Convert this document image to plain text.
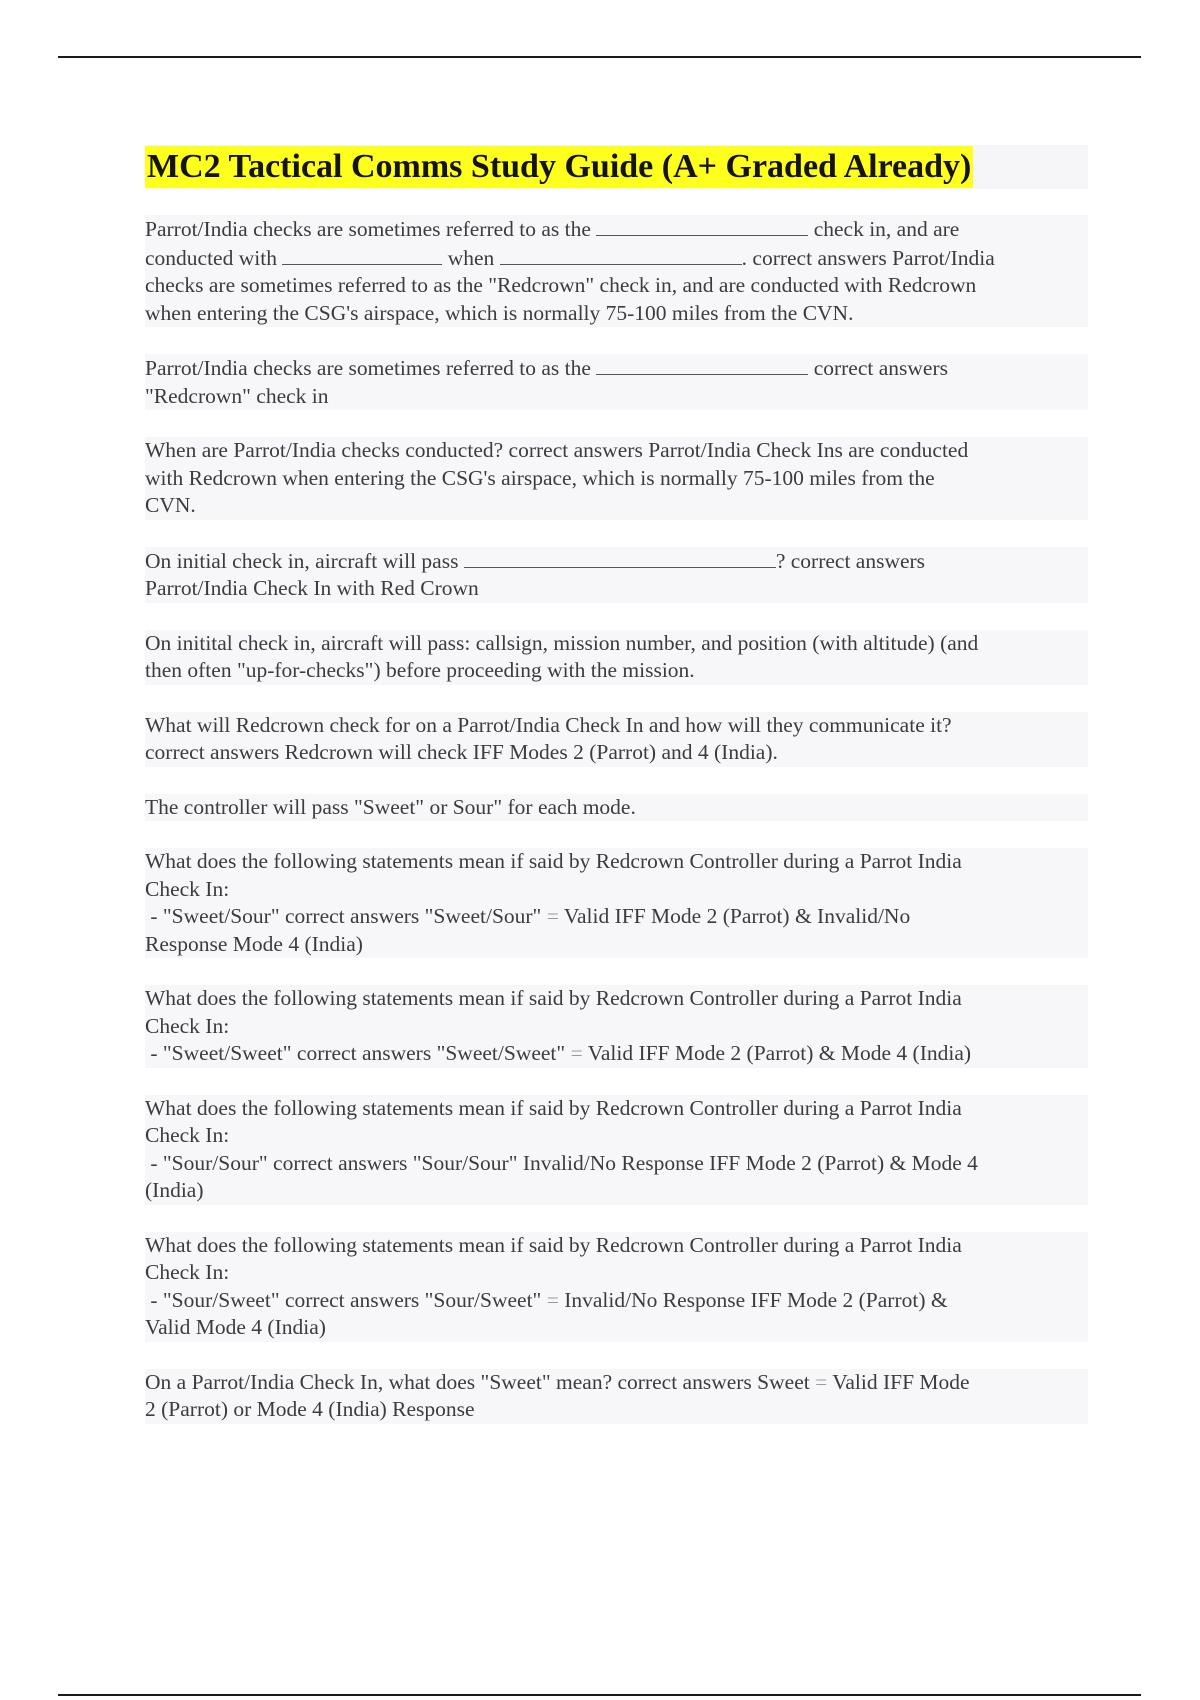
MC2 Tactical Comms Study Guide (A+ Graded Already)
Parrot/India checks are sometimes referred to as the	check in, and are
conducted with	when	. correct answers Parrot/India
checks are sometimes referred to as the "Redcrown" check in, and are conducted with Redcrown
when entering the CSG's airspace, which is normally 75-100 miles from the CVN.
Parrot/India checks are sometimes referred to as the	correct answers
"Redcrown" check in
When are Parrot/India checks conducted? correct answers Parrot/India Check Ins are conducted
with Redcrown when entering the CSG's airspace, which is normally 75-100 miles from the
CVN.
On initial check in, aircraft will pass	? correct answers
Parrot/India Check In with Red Crown
On initital check in, aircraft will pass: callsign, mission number, and position (with altitude) (and
then often "up-for-checks") before proceeding with the mission.
What will Redcrown check for on a Parrot/India Check In and how will they communicate it?
correct answers Redcrown will check IFF Modes 2 (Parrot) and 4 (India).
The controller will pass "Sweet" or Sour" for each mode.
What does the following statements mean if said by Redcrown Controller during a Parrot India
Check In:
- "Sweet/Sour" correct answers "Sweet/Sour" = Valid IFF Mode 2 (Parrot) & Invalid/No
Response Mode 4 (India)
What does the following statements mean if said by Redcrown Controller during a Parrot India
Check In:
- "Sweet/Sweet" correct answers "Sweet/Sweet" = Valid IFF Mode 2 (Parrot) & Mode 4 (India)
What does the following statements mean if said by Redcrown Controller during a Parrot India
Check In:
- "Sour/Sour" correct answers "Sour/Sour" Invalid/No Response IFF Mode 2 (Parrot) & Mode 4
(India)
What does the following statements mean if said by Redcrown Controller during a Parrot India
Check In:
- "Sour/Sweet" correct answers "Sour/Sweet" = Invalid/No Response IFF Mode 2 (Parrot) &
Valid Mode 4 (India)
On a Parrot/India Check In, what does "Sweet" mean? correct answers Sweet = Valid IFF Mode
2 (Parrot) or Mode 4 (India) Response
